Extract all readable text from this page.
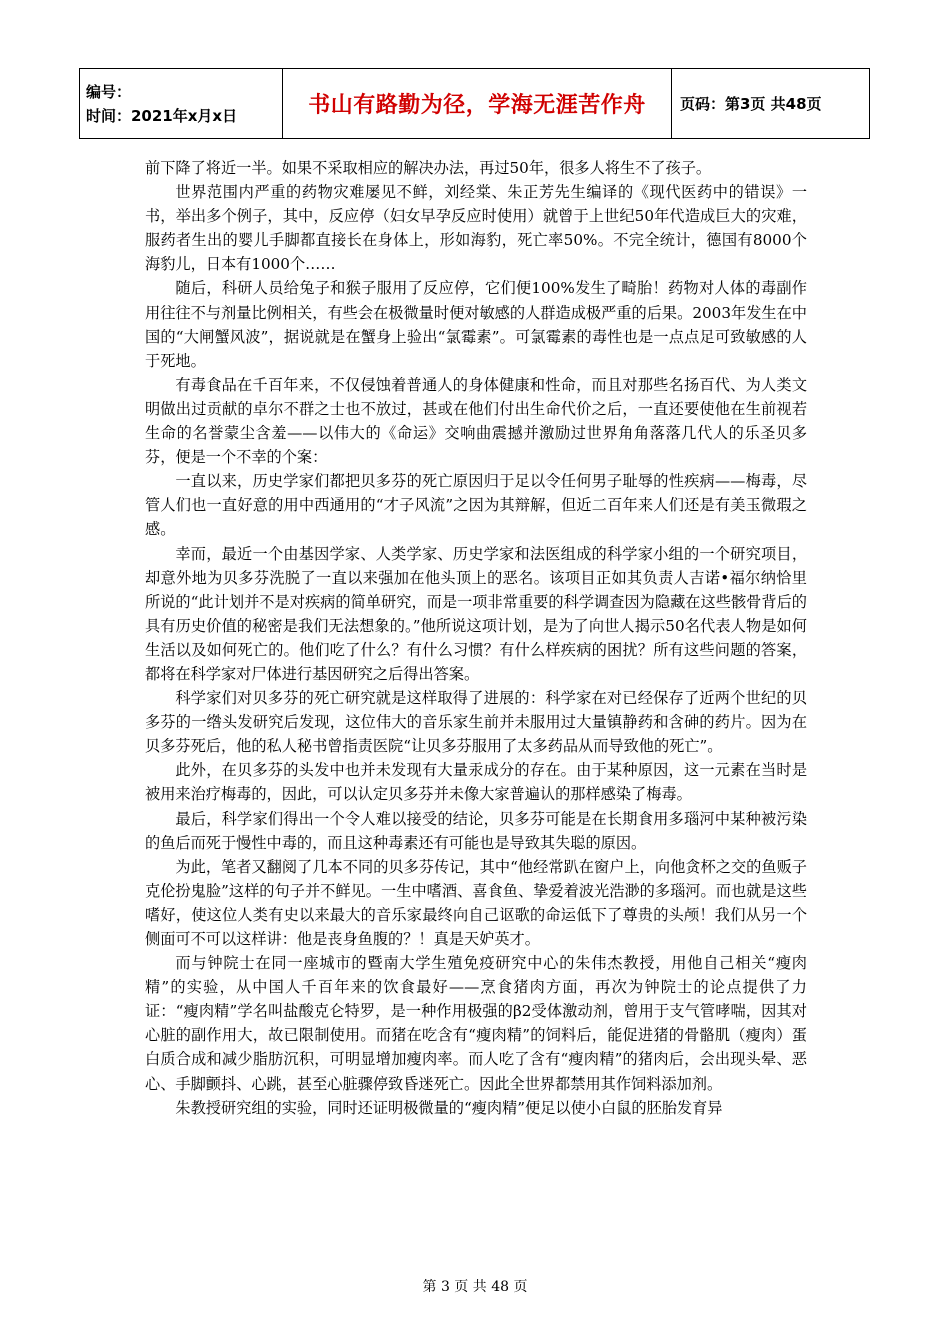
编号：
时间：2021年x月x日	书山有路勤为径，学海无涯苦作舟	页码：第3页 共48页

前下降了将近一半。如果不采取相应的解决办法，再过50年，很多人将生不了孩子。

世界范围内严重的药物灾难屡见不鲜，刘经棠、朱正芳先生编译的《现代医药中的错误》一书，举出多个例子，其中，反应停（妇女早孕反应时使用）就曾于上世纪50年代造成巨大的灾难，服药者生出的婴儿手脚都直接长在身体上，形如海豹，死亡率50%。不完全统计，德国有8000个海豹儿，日本有1000个……

随后，科研人员给兔子和猴子服用了反应停，它们便100%发生了畸胎！药物对人体的毒副作用往往不与剂量比例相关，有些会在极微量时便对敏感的人群造成极严重的后果。2003年发生在中国的“大闸蟹风波”，据说就是在蟹身上验出“氯霉素”。可氯霉素的毒性也是一点点足可致敏感的人于死地。

有毒食品在千百年来，不仅侵蚀着普通人的身体健康和性命，而且对那些名扬百代、为人类文明做出过贡献的卓尔不群之士也不放过，甚或在他们付出生命代价之后，一直还要使他在生前视若生命的名誉蒙尘含羞——以伟大的《命运》交响曲震撼并激励过世界角角落落几代人的乐圣贝多芬，便是一个不幸的个案：

一直以来，历史学家们都把贝多芬的死亡原因归于足以令任何男子耻辱的性疾病——梅毒，尽管人们也一直好意的用中西通用的“才子风流”之因为其辩解，但近二百年来人们还是有美玉微瑕之感。

幸而，最近一个由基因学家、人类学家、历史学家和法医组成的科学家小组的一个研究项目，却意外地为贝多芬洗脱了一直以来强加在他头顶上的恶名。该项目正如其负责人吉诺•福尔纳恰里所说的“此计划并不是对疾病的简单研究，而是一项非常重要的科学调查因为隐藏在这些骸骨背后的具有历史价值的秘密是我们无法想象的。”他所说这项计划，是为了向世人揭示50名代表人物是如何生活以及如何死亡的。他们吃了什么？有什么习惯？有什么样疾病的困扰？所有这些问题的答案，都将在科学家对尸体进行基因研究之后得出答案。

科学家们对贝多芬的死亡研究就是这样取得了进展的：科学家在对已经保存了近两个世纪的贝多芬的一绺头发研究后发现，这位伟大的音乐家生前并未服用过大量镇静药和含砷的药片。因为在贝多芬死后，他的私人秘书曾指责医院“让贝多芬服用了太多药品从而导致他的死亡”。

此外，在贝多芬的头发中也并未发现有大量汞成分的存在。由于某种原因，这一元素在当时是被用来治疗梅毒的，因此，可以认定贝多芬并未像大家普遍认的那样感染了梅毒。

最后，科学家们得出一个令人难以接受的结论，贝多芬可能是在长期食用多瑙河中某种被污染的鱼后而死于慢性中毒的，而且这种毒素还有可能也是导致其失聪的原因。

为此，笔者又翻阅了几本不同的贝多芬传记，其中“他经常趴在窗户上，向他贪杯之交的鱼贩子克伦扮鬼脸”这样的句子并不鲜见。一生中嗜酒、喜食鱼、挚爱着波光浩渺的多瑙河。而也就是这些嗜好，使这位人类有史以来最大的音乐家最终向自己讴歌的命运低下了尊贵的头颅！我们从另一个侧面可不可以这样讲：他是丧身鱼腹的？！真是天妒英才。

而与钟院士在同一座城市的暨南大学生殖免疫研究中心的朱伟杰教授，用他自己相关“瘦肉精”的实验，从中国人千百年来的饮食最好——烹食猪肉方面，再次为钟院士的论点提供了力证：“瘦肉精”学名叫盐酸克仑特罗，是一种作用极强的β2受体激动剂，曾用于支气管哮喘，因其对心脏的副作用大，故已限制使用。而猪在吃含有“瘦肉精”的饲料后，能促进猪的骨骼肌（瘦肉）蛋白质合成和减少脂肪沉积，可明显增加瘦肉率。而人吃了含有“瘦肉精”的猪肉后，会出现头晕、恶心、手脚颤抖、心跳，甚至心脏骤停致昏迷死亡。因此全世界都禁用其作饲料添加剂。

朱教授研究组的实验，同时还证明极微量的“瘦肉精”便足以使小白鼠的胚胎发育异

第 3 页 共 48 页
